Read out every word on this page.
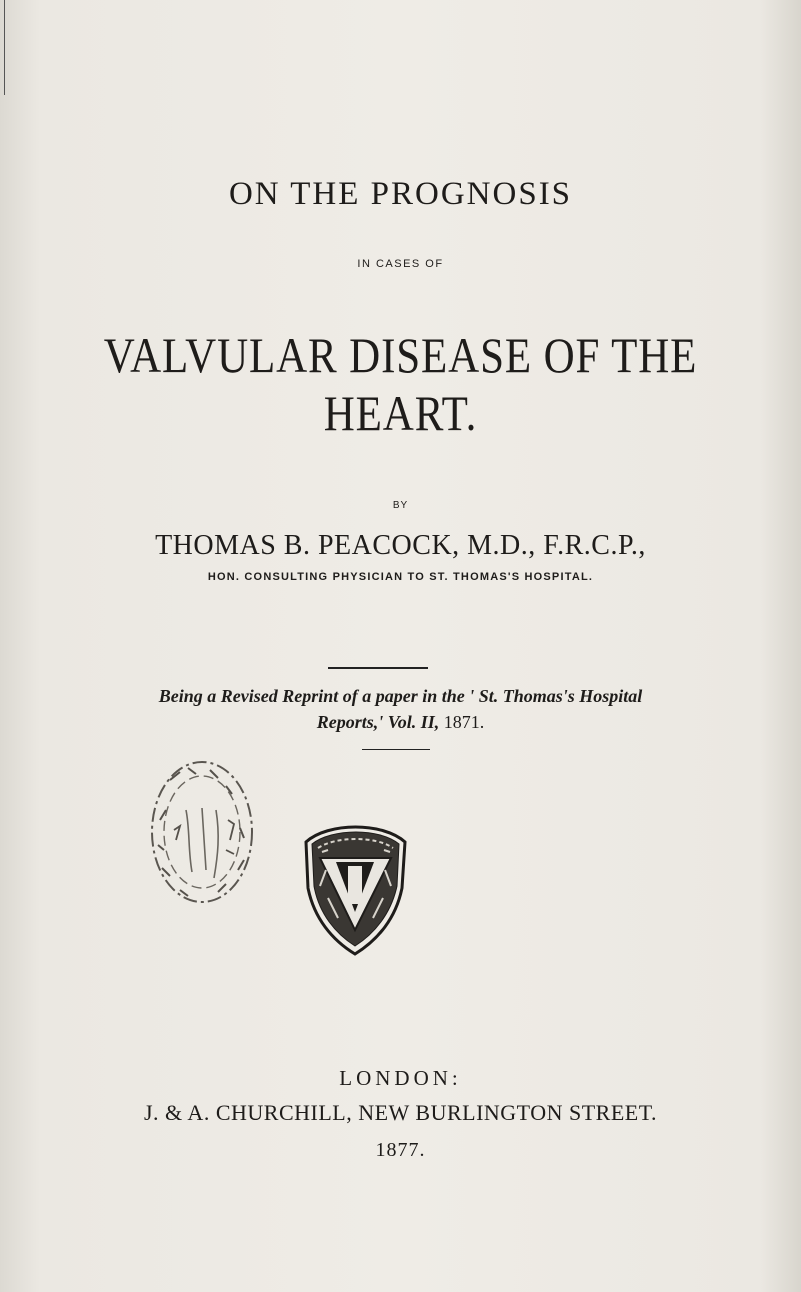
ON THE PROGNOSIS
IN CASES OF
VALVULAR DISEASE OF THE
HEART.
BY
THOMAS B. PEACOCK, M.D., F.R.C.P.,
HON. CONSULTING PHYSICIAN TO ST. THOMAS'S HOSPITAL.
Being a Revised Reprint of a paper in the ' St. Thomas's Hospital
Reports,' Vol. II, 1871.
LONDON:
J. & A. CHURCHILL, NEW BURLINGTON STREET.
1877.
